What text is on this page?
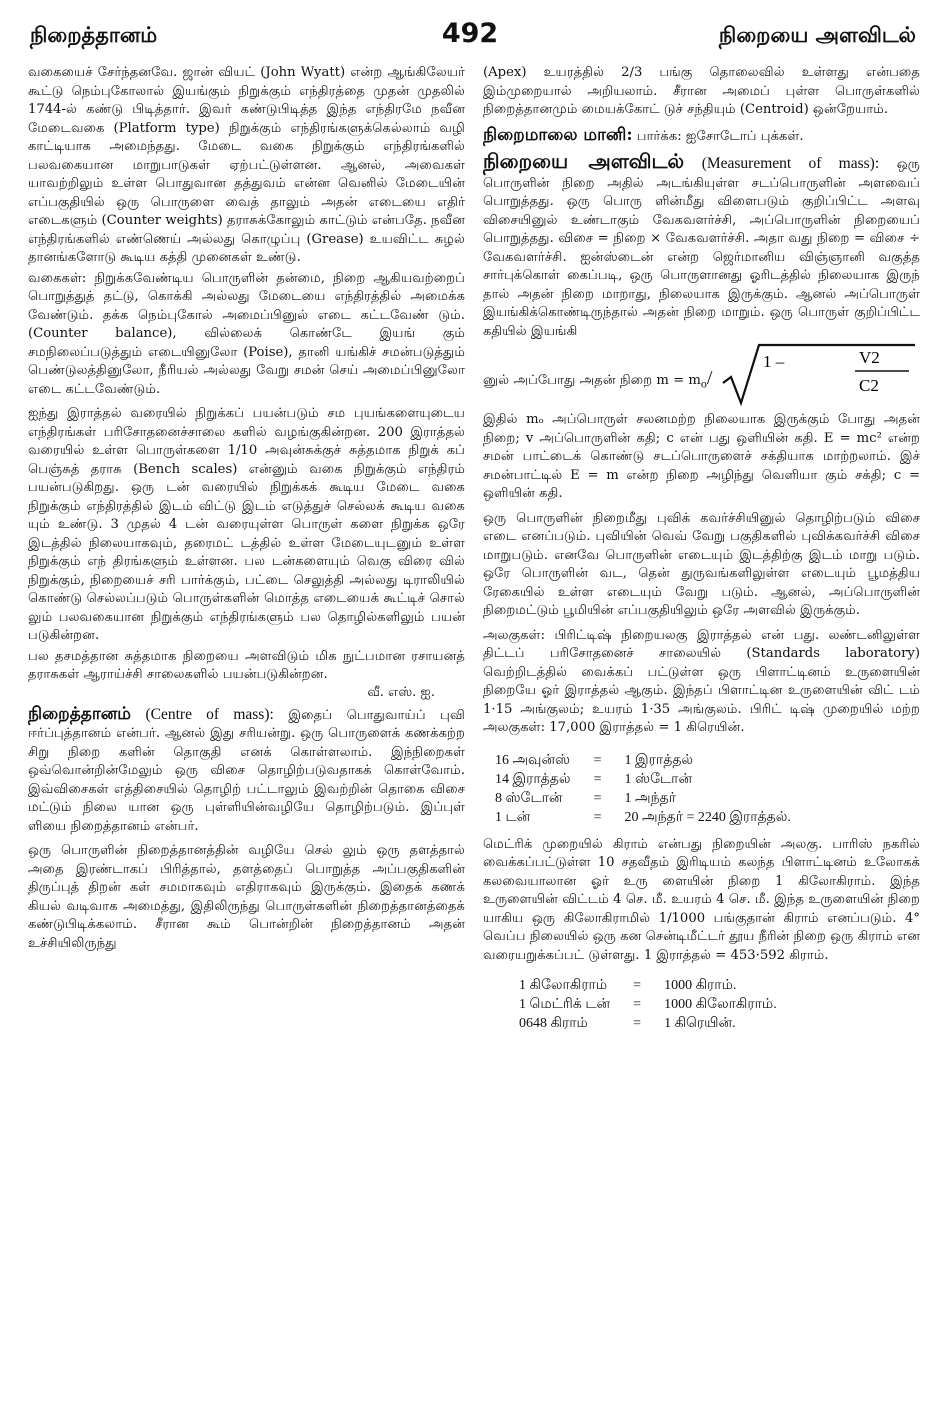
நிறைத்தானம்	492	நிறையை அளவிடல்

வகையைச் சேர்ந்தனவே. ஜான் வியட் (John Wyatt) என்ற ஆங்கிலேயர் கூட்டு நெம்புகோலால் இயங்கும் நிறுக்கும் எந்திரத்தை முதன் முதலில் 1744-ல் கண்டு பிடித்தார். இவர் கண்டுபிடித்த இந்த எந்திரமே நவீன மேடைவகை (Platform type) நிறுக்கும் எந்திரங்களுக்கெல்லாம் வழி காட்டியாக அமைந்தது. மேடை வகை நிறுக்கும் எந்திரங்களில் பலவகையான மாறுபாடுகள் ஏற்பட்டுள்ளன. ஆனல், அவைகள் யாவற்றிலும் உள்ள பொதுவான தத்துவம் என்ன வெனில் மேடையின் எப்பகுதியில் ஒரு பொருளை வைத் தாலும் அதன் எடையை எதிர் எடைகளும் (Counter weights) தராசுக்கோலும் காட்டும் என்பதே. நவீன எந்திரங்களில் எண்ணெய் அல்லது கொழுப்பு (Grease) உயவிட்ட சுழல் தானங்களோடு கூடிய கத்தி முனைகள் உண்டு.

வகைகள்: நிறுக்கவேண்டிய பொருளின் தன்மை, நிறை ஆகியவற்றைப் பொறுத்துத் தட்டு, கொக்கி அல்லது மேடையை எந்திரத்தில் அமைக்க வேண்டும். தக்க நெம்புகோல் அமைப்பினுல் எடை கட்டவேண் டும். (Counter balance), வில்லைக் கொண்டே இயங் கும் சமநிலைப்படுத்தும் எடையினுலோ (Poise), தானி யங்கிச் சமன்படுத்தும் பெண்டுலத்தினுலோ, நீரியல் அல்லது வேறு சமன் செய் அமைப்பினுலோ எடை கட்டவேண்டும்.

ஐந்து இராத்தல் வரையில் நிறுக்கப் பயன்படும் சம புயங்களையுடைய எந்திரங்கள் பரிசோதனைச்சாலை களில் வழங்குகின்றன. 200 இராத்தல் வரையில் உள்ள பொருள்களை 1/10 அவுன்சுக்குச் சுத்தமாக நிறுக் கப் பெஞ்சுத் தராசு (Bench scales) என்னும் வகை நிறுக்கும் எந்திரம் பயன்படுகிறது. ஒரு டன் வரையில் நிறுக்கக் கூடிய மேடை வகை நிறுக்கும் எந்திரத்தில் இடம் விட்டு இடம் எடுத்துச் செல்லக் கூடிய வகை யும் உண்டு. 3 முதல் 4 டன் வரையுள்ள பொருள் களை நிறுக்க ஒரே இடத்தில் நிலையாகவும், தரைமட் டத்தில் உள்ள மேடையுடனும் உள்ள நிறுக்கும் எந் திரங்களும் உள்ளன. பல டன்களையும் வெகு விரை வில் நிறுக்கும், நிறையைச் சரி பார்க்கும், பட்டை செலுத்தி அல்லது டிராலியில் கொண்டு செல்லப்படும் பொருள்களின் மொத்த எடையைக் கூட்டிச் சொல் லும் பலவகையான நிறுக்கும் எந்திரங்களும் பல தொழில்களிலும் பயன் படுகின்றன.

பல தசமத்தான சுத்தமாக நிறையை அளவிடும் மிக நுட்பமான ரசாயனத் தராசுகள் ஆராய்ச்சி சாலைகளில் பயன்படுகின்றன.

வீ. எஸ். ஐ.

நிறைத்தானம் (Centre of mass): இதைப் பொதுவாய்ப் புவி ஈர்ப்புத்தானம் என்பர். ஆனல் இது சரியன்று. ஒரு பொருளைக் கணக்கற்ற சிறு நிறை களின் தொகுதி எனக் கொள்ளலாம். இந்நிறைகள் ஒவ்வொன்றின்மேலும் ஒரு விசை தொழிற்படுவதாகக் கொள்வோம். இவ்விசைகள் எத்திசையில் தொழிற் பட்டாலும் இவற்றின் தொகை விசை மட்டும் நிலை யான ஒரு புள்ளியின்வழியே தொழிற்படும். இப்புள் ளியை நிறைத்தானம் என்பர்.

ஒரு பொருளின் நிறைத்தானத்தின் வழியே செல் லும் ஒரு தளத்தால் அதை இரண்டாகப் பிரித்தால், தளத்தைப் பொறுத்த அப்பகுதிகளின் திருப்புத் திறன் கள் சமமாகவும் எதிராகவும் இருக்கும். இதைக் கணக் கியல் வடிவாக அமைத்து, இதிலிருந்து பொருள்களின் நிறைத்தானத்தைக் கண்டுபிடிக்கலாம். சீரான கூம் பொன்றின் நிறைத்தானம் அதன் உச்சியிலிருந்து

(Apex) உயரத்தில் 2/3 பங்கு தொலைவில் உள்ளது என்பதை இம்முறையால் அறியலாம். சீரான அமைப் புள்ள பொருள்களில் நிறைத்தானமும் மையக்கோட் டுச் சந்தியும் (Centroid) ஒன்றேயாம்.

நிறைமாலை மானி: பார்க்க: ஐசோடோப் புக்கள்.

நிறையை அளவிடல் (Measurement of mass): ஒரு பொருளின் நிறை அதில் அடங்கியுள்ள சடப்பொருளின் அளவைப் பொறுத்தது. ஒரு பொரு ளின்மீது விளைபடும் குறிப்பிட்ட அளவு விசையினுல் உண்டாகும் வேகவளர்ச்சி, அப்பொருளின் நிறையைப் பொறுத்தது. விசை = நிறை × வேகவளர்ச்சி. அதா வது நிறை = விசை ÷ வேகவளர்ச்சி. ஐன்ஸ்டைன் என்ற ஜெர்மானிய விஞ்ஞானி வகுத்த சார்புக்கொள் கைப்படி, ஒரு பொருளானது ஓரிடத்தில் நிலையாக இருந் தால் அதன் நிறை மாறாது, நிலையாக இருக்கும். ஆனல் அப்பொருள் இயங்கிக்கொண்டிருந்தால் அதன் நிறை மாறும். ஒரு பொருள் குறிப்பிட்ட கதியில் இயங்கி

னுல் அப்போது அதன் நிறை $m = m_o/$
1 –	V2
C2

இதில் mₒ அப்பொருள் சலனமற்ற நிலையாக இருக்கும் போது அதன் நிறை; v அப்பொருளின் கதி; c என் பது ஒளியின் கதி. E = mc² என்ற சமன் பாட்டைக் கொண்டு சடப்பொருளைச் சக்தியாக மாற்றலாம். இச் சமன்பாட்டில் E = m என்ற நிறை அழிந்து வெளியா கும் சக்தி; c = ஒளியின் கதி.

ஒரு பொருளின் நிறைமீது புவிக் கவர்ச்சியினுல் தொழிற்படும் விசை எடை எனப்படும். புவியின் வெவ் வேறு பகுதிகளில் புவிக்கவர்ச்சி விசை மாறுபடும். எனவே பொருளின் எடையும் இடத்திற்கு இடம் மாறு படும். ஒரே பொருளின் வட, தென் துருவங்களிலுள்ள எடையும் பூமத்திய ரேகையில் உள்ள எடையும் வேறு படும். ஆனல், அப்பொருளின் நிறைமட்டும் பூமியின் எப்பகுதியிலும் ஒரே அளவில் இருக்கும்.

அலகுகள்: பிரிட்டிஷ் நிறையலகு இராத்தல் என் பது. லண்டனிலுள்ள திட்டப் பரிசோதனைச் சாலையில் (Standards laboratory) வெற்றிடத்தில் வைக்கப் பட்டுள்ள ஒரு பிளாட்டினம் உருளையின் நிறையே ஓர் இராத்தல் ஆகும். இந்தப் பிளாட்டின உருளையின் விட் டம் 1·15 அங்குலம்; உயரம் 1·35 அங்குலம். பிரிட் டிஷ் முறையில் மற்ற அலகுகள்: 17,000 இராத்தல் = 1 கிரெயின்.

16 அவுன்ஸ்	=	1 இராத்தல்
14 இராத்தல்	=	1 ஸ்டோன்
8 ஸ்டோன்	=	1 அந்தர்
1 டன்	=	20 அந்தர் = 2240 இராத்தல்.

மெட்ரிக் முறையில் கிராம் என்பது நிறையின் அலகு. பாரிஸ் நகரில் வைக்கப்பட்டுள்ள 10 சதவீதம் இரிடியம் கலந்த பிளாட்டினம் உலோகக் கலவையாலான ஓர் உரு ளையின் நிறை 1 கிலோகிராம். இந்த உருளையின் விட்டம் 4 செ. மீ. உயரம் 4 செ. மீ. இந்த உருளையின் நிறை யாகிய ஒரு கிலோகிராமில் 1/1000 பங்குதான் கிராம் எனப்படும். 4° வெப்ப நிலையில் ஒரு கன சென்டிமீட்டர் தூய நீரின் நிறை ஒரு கிராம் என வரையறுக்கப்பட் டுள்ளது. 1 இராத்தல் = 453·592 கிராம்.

1 கிலோகிராம்	=	1000 கிராம்.
1 மெட்ரிக் டன்	=	1000 கிலோகிராம்.
0648 கிராம்	=	1 கிரெயின்.
